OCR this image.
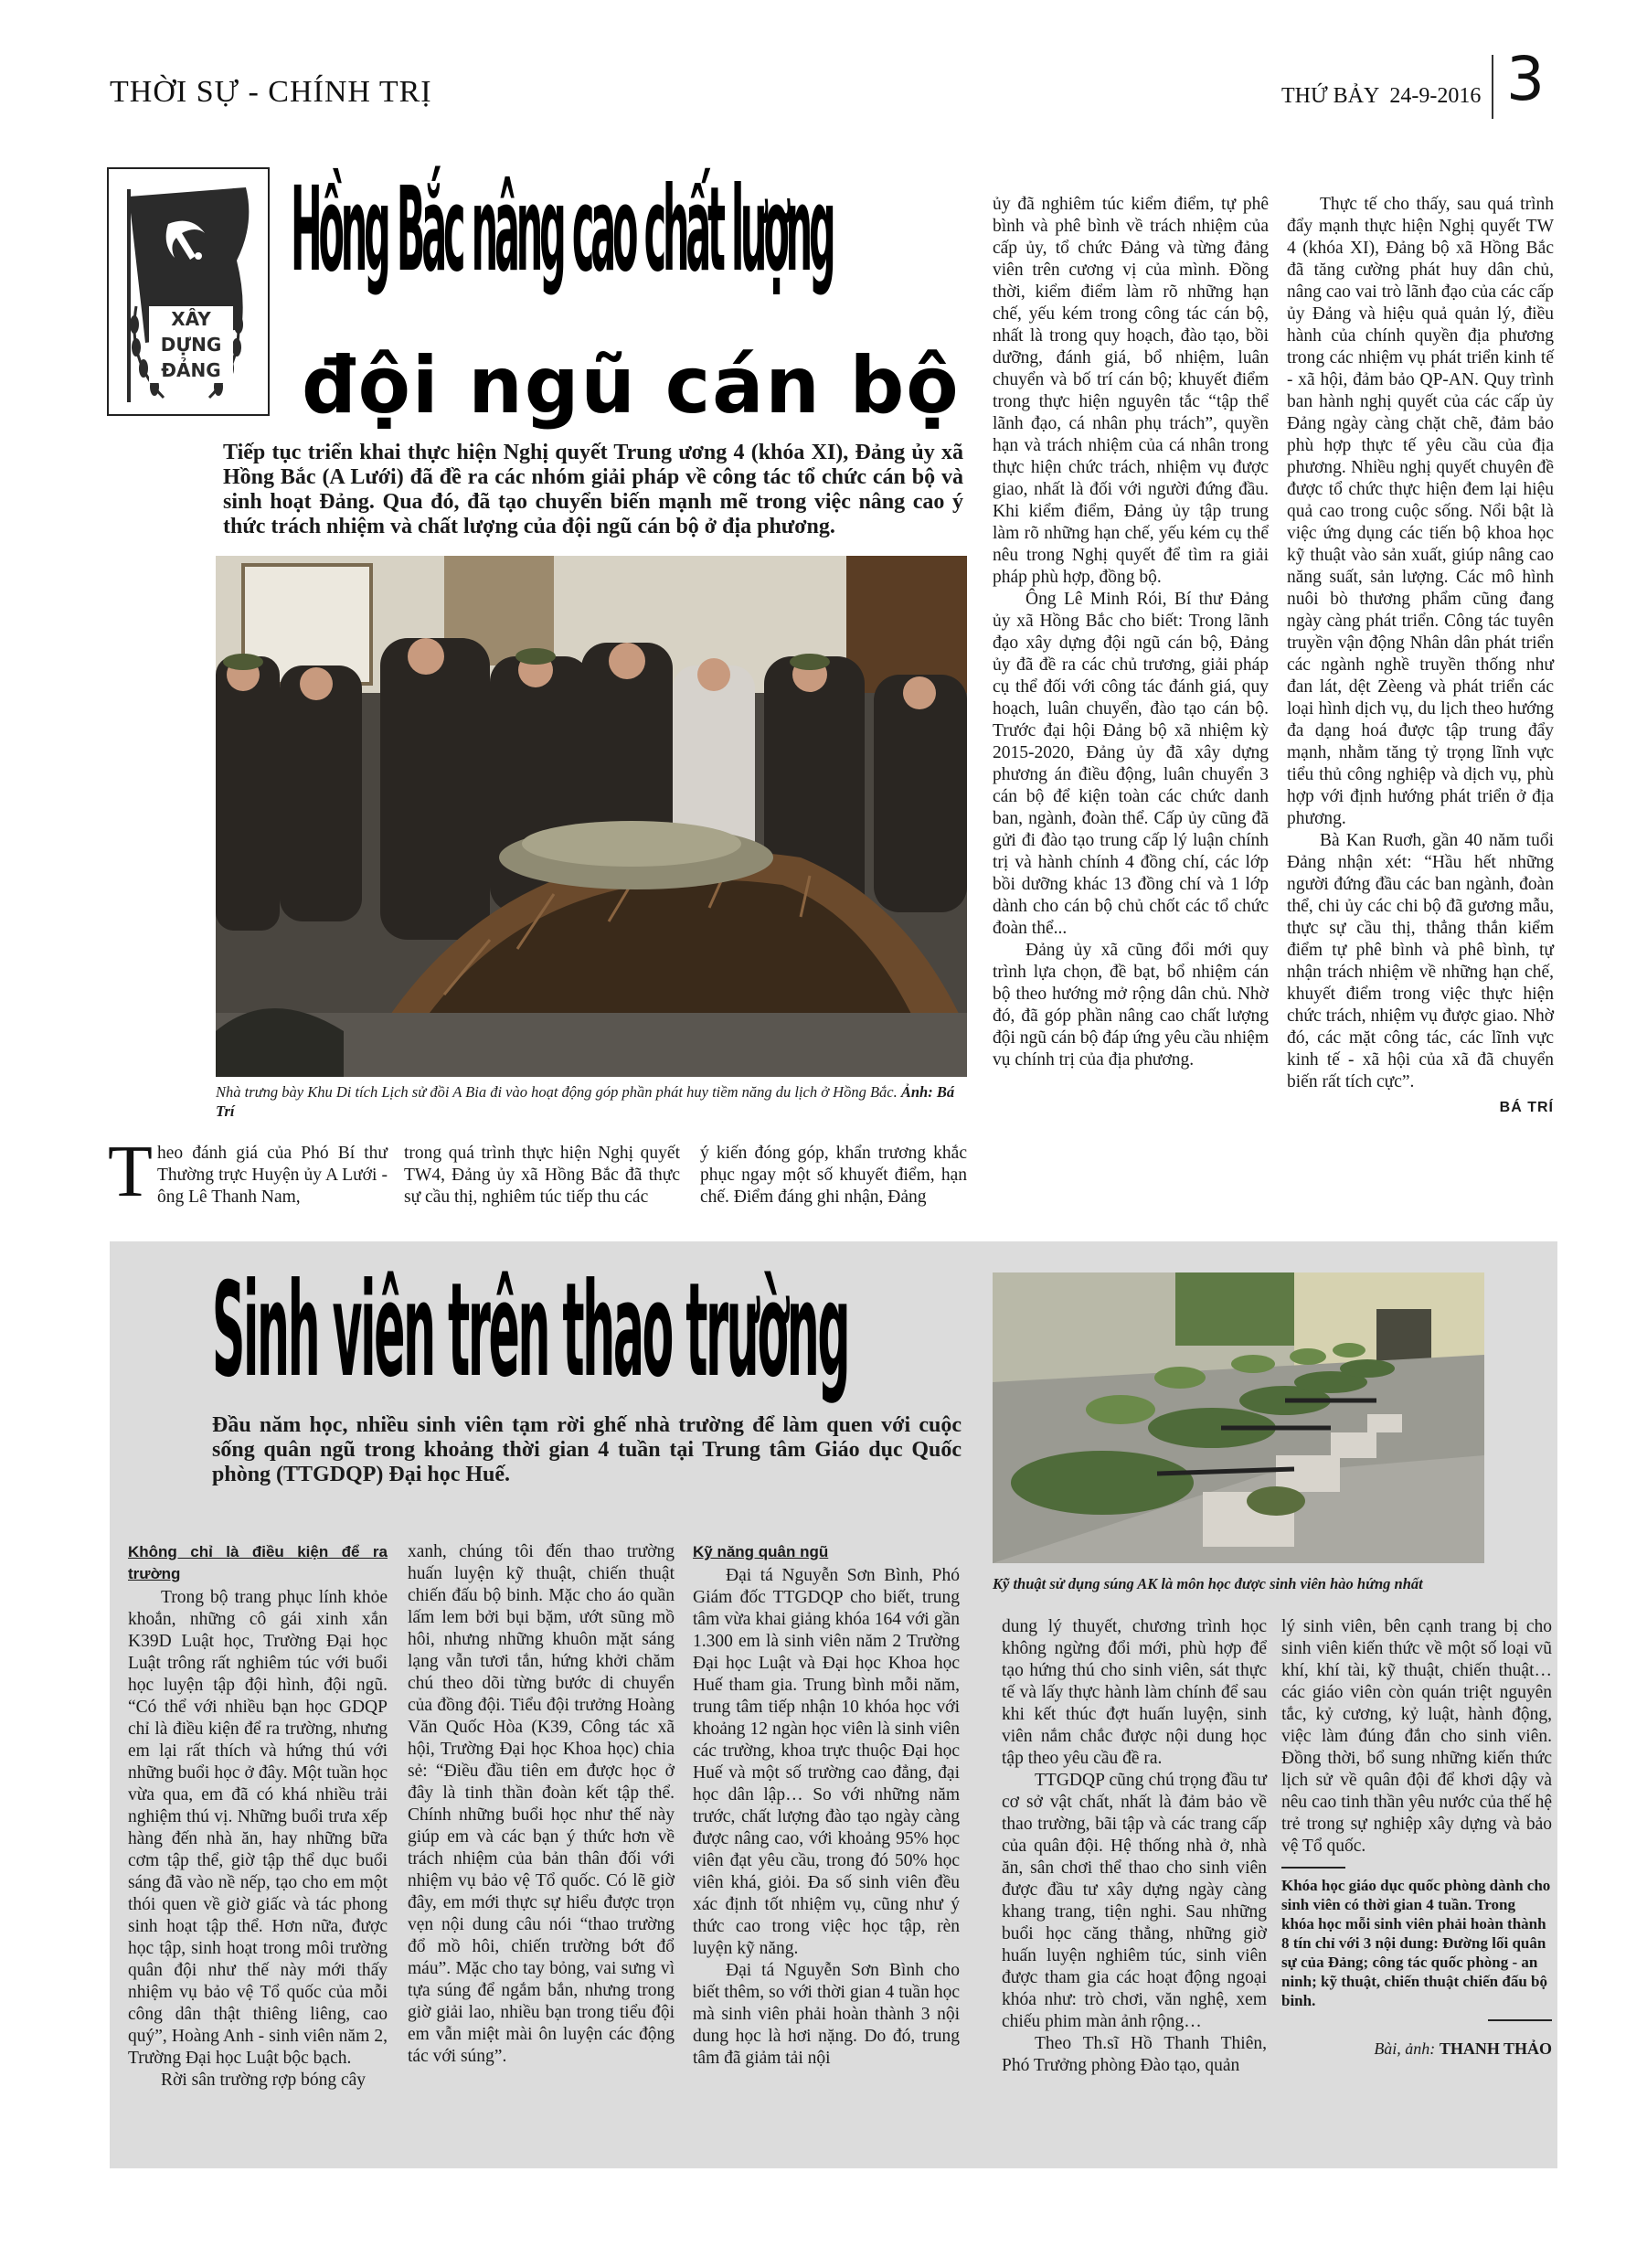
THỜI SỰ - CHÍNH TRỊ	THỨ BẢY  24-9-2016 3
XÂY DỰNG ĐẢNG
Hồng Bắc nâng cao chất lượng
đội ngũ cán bộ
Tiếp tục triển khai thực hiện Nghị quyết Trung ương 4 (khóa XI), Đảng ủy xã Hồng Bắc (A Lưới) đã đề ra các nhóm giải pháp về công tác tổ chức cán bộ và sinh hoạt Đảng. Qua đó, đã tạo chuyển biến mạnh mẽ trong việc nâng cao ý thức trách nhiệm và chất lượng của đội ngũ cán bộ ở địa phương.
Nhà trưng bày Khu Di tích Lịch sử đồi A Bia đi vào hoạt động góp phần phát huy tiềm năng du lịch ở Hồng Bắc. Ảnh: Bá Trí
T heo đánh giá của Phó Bí thư Thường trực Huyện ủy A Lưới - ông Lê Thanh Nam,

trong quá trình thực hiện Nghị quyết TW4, Đảng ủy xã Hồng Bắc đã thực sự cầu thị, nghiêm túc tiếp thu các

ý kiến đóng góp, khẩn trương khắc phục ngay một số khuyết điểm, hạn chế. Điểm đáng ghi nhận, Đảng

ủy đã nghiêm túc kiểm điểm, tự phê bình và phê bình về trách nhiệm của cấp ủy, tổ chức Đảng và từng đảng viên trên cương vị của mình. Đồng thời, kiểm điểm làm rõ những hạn chế, yếu kém trong công tác cán bộ, nhất là trong quy hoạch, đào tạo, bồi dưỡng, đánh giá, bổ nhiệm, luân chuyển và bố trí cán bộ; khuyết điểm trong thực hiện nguyên tắc “tập thể lãnh đạo, cá nhân phụ trách”, quyền hạn và trách nhiệm của cá nhân trong thực hiện chức trách, nhiệm vụ được giao, nhất là đối với người đứng đầu. Khi kiểm điểm, Đảng ủy tập trung làm rõ những hạn chế, yếu kém cụ thể nêu trong Nghị quyết để tìm ra giải pháp phù hợp, đồng bộ.

Ông Lê Minh Rói, Bí thư Đảng ủy xã Hồng Bắc cho biết: Trong lãnh đạo xây dựng đội ngũ cán bộ, Đảng ủy đã đề ra các chủ trương, giải pháp cụ thể đối với công tác đánh giá, quy hoạch, luân chuyển, đào tạo cán bộ. Trước đại hội Đảng bộ xã nhiệm kỳ 2015-2020, Đảng ủy đã xây dựng phương án điều động, luân chuyển 3 cán bộ để kiện toàn các chức danh ban, ngành, đoàn thể. Cấp ủy cũng đã gửi đi đào tạo trung cấp lý luận chính trị và hành chính 4 đồng chí, các lớp bồi dưỡng khác 13 đồng chí và 1 lớp dành cho cán bộ chủ chốt các tổ chức đoàn thể...

Đảng ủy xã cũng đổi mới quy trình lựa chọn, đề bạt, bổ nhiệm cán bộ theo hướng mở rộng dân chủ. Nhờ đó, đã góp phần nâng cao chất lượng đội ngũ cán bộ đáp ứng yêu cầu nhiệm vụ chính trị của địa phương.

Thực tế cho thấy, sau quá trình đẩy mạnh thực hiện Nghị quyết TW 4 (khóa XI), Đảng bộ xã Hồng Bắc đã tăng cường phát huy dân chủ, nâng cao vai trò lãnh đạo của các cấp ủy Đảng và hiệu quả quản lý, điều hành của chính quyền địa phương trong các nhiệm vụ phát triển kinh tế - xã hội, đảm bảo QP-AN. Quy trình ban hành nghị quyết của các cấp ủy Đảng ngày càng chặt chẽ, đảm bảo phù hợp thực tế yêu cầu của địa phương. Nhiều nghị quyết chuyên đề được tổ chức thực hiện đem lại hiệu quả cao trong cuộc sống. Nổi bật là việc ứng dụng các tiến bộ khoa học kỹ thuật vào sản xuất, giúp nâng cao năng suất, sản lượng. Các mô hình nuôi bò thương phẩm cũng đang ngày càng phát triển. Công tác tuyên truyền vận động Nhân dân phát triển các ngành nghề truyền thống như đan lát, dệt Zèeng và phát triển các loại hình dịch vụ, du lịch theo hướng đa dạng hoá được tập trung đẩy mạnh, nhằm tăng tỷ trọng lĩnh vực tiểu thủ công nghiệp và dịch vụ, phù hợp với định hướng phát triển ở địa phương.

Bà Kan Ruơh, gần 40 năm tuổi Đảng nhận xét: “Hầu hết những người đứng đầu các ban ngành, đoàn thể, chi ủy các chi bộ đã gương mẫu, thực sự cầu thị, thẳng thắn kiểm điểm tự phê bình và phê bình, tự nhận trách nhiệm về những hạn chế, khuyết điểm trong việc thực hiện chức trách, nhiệm vụ được giao. Nhờ đó, các mặt công tác, các lĩnh vực kinh tế - xã hội của xã đã chuyển biến rất tích cực”.

BÁ TRÍ
Sinh viên trên thao trường
Đầu năm học, nhiều sinh viên tạm rời ghế nhà trường để làm quen với cuộc sống quân ngũ trong khoảng thời gian 4 tuần tại Trung tâm Giáo dục Quốc phòng (TTGDQP) Đại học Huế.
Kỹ thuật sử dụng súng AK là môn học được sinh viên hào hứng nhất
Không chỉ là điều kiện để ra trường

Trong bộ trang phục lính khỏe khoắn, những cô gái xinh xắn K39D Luật học, Trường Đại học Luật trông rất nghiêm túc với buổi học luyện tập đội hình, đội ngũ. “Có thể với nhiều bạn học GDQP chỉ là điều kiện để ra trường, nhưng em lại rất thích và hứng thú với những buổi học ở đây. Một tuần học vừa qua, em đã có khá nhiều trải nghiệm thú vị. Những buổi trưa xếp hàng đến nhà ăn, hay những bữa cơm tập thể, giờ tập thể dục buổi sáng đã vào nề nếp, tạo cho em một thói quen về giờ giấc và tác phong sinh hoạt tập thể. Hơn nữa, được học tập, sinh hoạt trong môi trường quân đội như thế này mới thấy nhiệm vụ bảo vệ Tổ quốc của mỗi công dân thật thiêng liêng, cao quý”, Hoàng Anh - sinh viên năm 2, Trường Đại học Luật bộc bạch.

Rời sân trường rợp bóng cây

xanh, chúng tôi đến thao trường huấn luyện kỹ thuật, chiến thuật chiến đấu bộ binh. Mặc cho áo quần lấm lem bởi bụi bặm, ướt sũng mồ hôi, nhưng những khuôn mặt sáng lạng vẫn tươi tắn, hứng khởi chăm chú theo dõi từng bước di chuyển của đồng đội. Tiểu đội trưởng Hoàng Văn Quốc Hòa (K39, Công tác xã hội, Trường Đại học Khoa học) chia sẻ: “Điều đầu tiên em được học ở đây là tinh thần đoàn kết tập thể. Chính những buổi học như thế này giúp em và các bạn ý thức hơn về trách nhiệm của bản thân đối với nhiệm vụ bảo vệ Tổ quốc. Có lẽ giờ đây, em mới thực sự hiểu được trọn vẹn nội dung câu nói “thao trường đổ mồ hôi, chiến trường bớt đổ máu”. Mặc cho tay bỏng, vai sưng vì tựa súng để ngắm bắn, nhưng trong giờ giải lao, nhiều bạn trong tiểu đội em vẫn miệt mài ôn luyện các động tác với súng”.

Kỹ năng quân ngũ

Đại tá Nguyễn Sơn Bình, Phó Giám đốc TTGDQP cho biết, trung tâm vừa khai giảng khóa 164 với gần 1.300 em là sinh viên năm 2 Trường Đại học Luật và Đại học Khoa học Huế tham gia. Trung bình mỗi năm, trung tâm tiếp nhận 10 khóa học với khoảng 12 ngàn học viên là sinh viên các trường, khoa trực thuộc Đại học Huế và một số trường cao đẳng, đại học dân lập… So với những năm trước, chất lượng đào tạo ngày càng được nâng cao, với khoảng 95% học viên đạt yêu cầu, trong đó 50% học viên khá, giỏi. Đa số sinh viên đều xác định tốt nhiệm vụ, cũng như ý thức cao trong việc học tập, rèn luyện kỹ năng.

Đại tá Nguyễn Sơn Bình cho biết thêm, so với thời gian 4 tuần học mà sinh viên phải hoàn thành 3 nội dung học là hơi nặng. Do đó, trung tâm đã giảm tải nội

dung lý thuyết, chương trình học không ngừng đổi mới, phù hợp để tạo hứng thú cho sinh viên, sát thực tế và lấy thực hành làm chính để sau khi kết thúc đợt huấn luyện, sinh viên nắm chắc được nội dung học tập theo yêu cầu đề ra.

TTGDQP cũng chú trọng đầu tư cơ sở vật chất, nhất là đảm bảo về thao trường, bãi tập và các trang cấp của quân đội. Hệ thống nhà ở, nhà ăn, sân chơi thể thao cho sinh viên được đầu tư xây dựng ngày càng khang trang, tiện nghi. Sau những buổi học căng thẳng, những giờ huấn luyện nghiêm túc, sinh viên được tham gia các hoạt động ngoại khóa như: trò chơi, văn nghệ, xem chiếu phim màn ảnh rộng…

Theo Th.sĩ Hồ Thanh Thiên, Phó Trưởng phòng Đào tạo, quản

lý sinh viên, bên cạnh trang bị cho sinh viên kiến thức về một số loại vũ khí, khí tài, kỹ thuật, chiến thuật… các giáo viên còn quán triệt nguyên tắc, kỷ cương, kỷ luật, hành động, việc làm đúng đắn cho sinh viên. Đồng thời, bổ sung những kiến thức lịch sử về quân đội để khơi dậy và nêu cao tinh thần yêu nước của thế hệ trẻ trong sự nghiệp xây dựng và bảo vệ Tổ quốc.

Khóa học giáo dục quốc phòng dành cho sinh viên có thời gian 4 tuần. Trong khóa học mỗi sinh viên phải hoàn thành 8 tín chỉ với 3 nội dung: Đường lối quân sự của Đảng; công tác quốc phòng - an ninh; kỹ thuật, chiến thuật chiến đấu bộ binh.
Bài, ảnh: THANH THẢO
